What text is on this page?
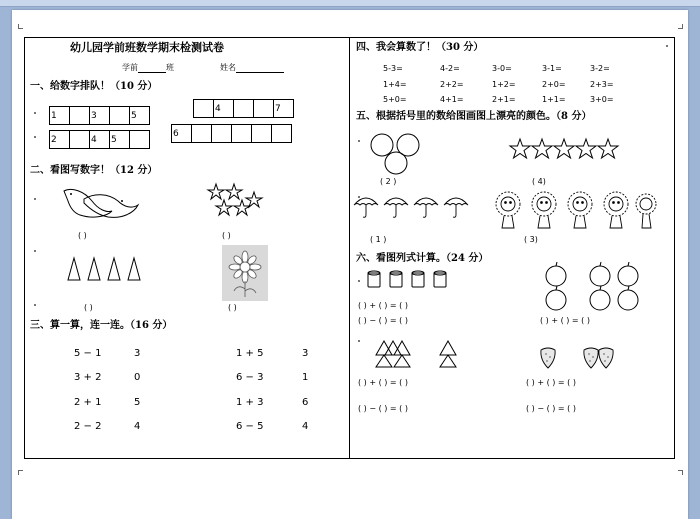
幼儿园学前班数学期末检测试卷
学前	班	姓名
一、给数字排队！（10 分）
1	3	5
4	7
2	4	5
6
二、看图写数字！（12 分）
( )	( )
( )	( )
三、算一算，连一连。（16 分）
5 − 1	3
3 + 2	0
2 + 1	5
2 − 2	4
1 + 5	3
6 − 3	1
1 + 3	6
6 − 5	4
四、我会算数了！（30 分）
5-3=	4-2=	3-0=	3-1=	3-2=
1+4=	2+2=	1+2=	2+0=	2+3=
5+0=	4+1=	2+1=	1+1=	3+0=
五、根据括号里的数给图画图上漂亮的颜色。（8 分）
( 2 )	( 4)
( 1 )	( 3)
六、看图列式计算。（24 分）
( ) + ( ) = ( )
( ) − ( ) = ( )	( ) + ( ) = ( )
( ) + ( ) = ( )
( ) − ( ) = ( )
( ) + ( ) = ( )
( ) − ( ) = ( )
